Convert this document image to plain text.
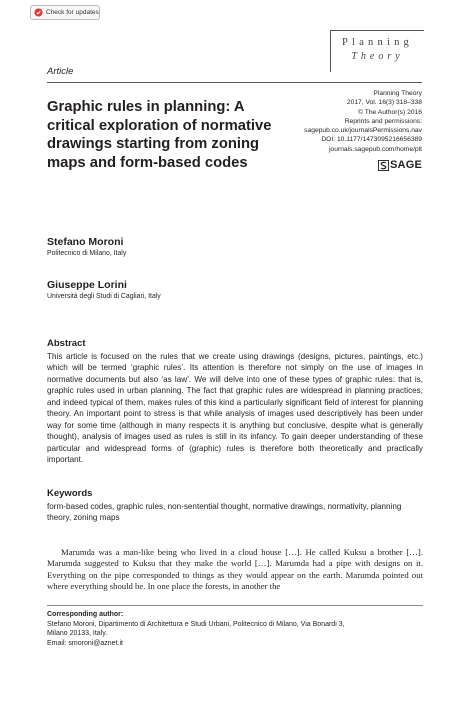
Check for updates
Planning
Theory
Article
Graphic rules in planning: A critical exploration of normative drawings starting from zoning maps and form-based codes
Planning Theory
2017, Vol. 16(3) 318–338
© The Author(s) 2016
Reprints and permissions:
sagepub.co.uk/journalsPermissions.nav
DOI: 10.1177/1473095216656389
journals.sagepub.com/home/plt
SAGE
Stefano Moroni
Politecnico di Milano, Italy
Giuseppe Lorini
Università degli Studi di Cagliari, Italy
Abstract

This article is focused on the rules that we create using drawings (designs, pictures, paintings, etc.) which will be termed ‘graphic rules’. Its attention is therefore not simply on the use of images in normative documents but also ‘as law’. We will delve into one of these types of graphic rules: that is, graphic rules used in urban planning. The fact that graphic rules are widespread in planning practices, and indeed typical of them, makes rules of this kind a particularly significant field of interest for planning theory. An important point to stress is that while analysis of images used descriptively has been under way for some time (although in many respects it is anything but conclusive, despite what is generally thought), analysis of images used as rules is still in its infancy. To gain deeper understanding of these particular and widespread forms of (graphic) rules is therefore both theoretically and practically important.

Keywords

form-based codes, graphic rules, non-sentential thought, normative drawings, normativity, planning theory, zoning maps

Marumda was a man-like being who lived in a cloud house […]. He called Kuksu a brother […]. Marumda suggested to Kuksu that they make the world […]. Marumda had a pipe with designs on it. Everything on the pipe corresponded to things as they would appear on the earth. Marumda pointed out where everything should be. In one place the forests, in another the

Corresponding author:
Stefano Moroni, Dipartimento di Architettura e Studi Urbani, Politecnico di Milano, Via Bonardi 3,
Milano 20133, Italy.
Email: smoroni@aznet.it
